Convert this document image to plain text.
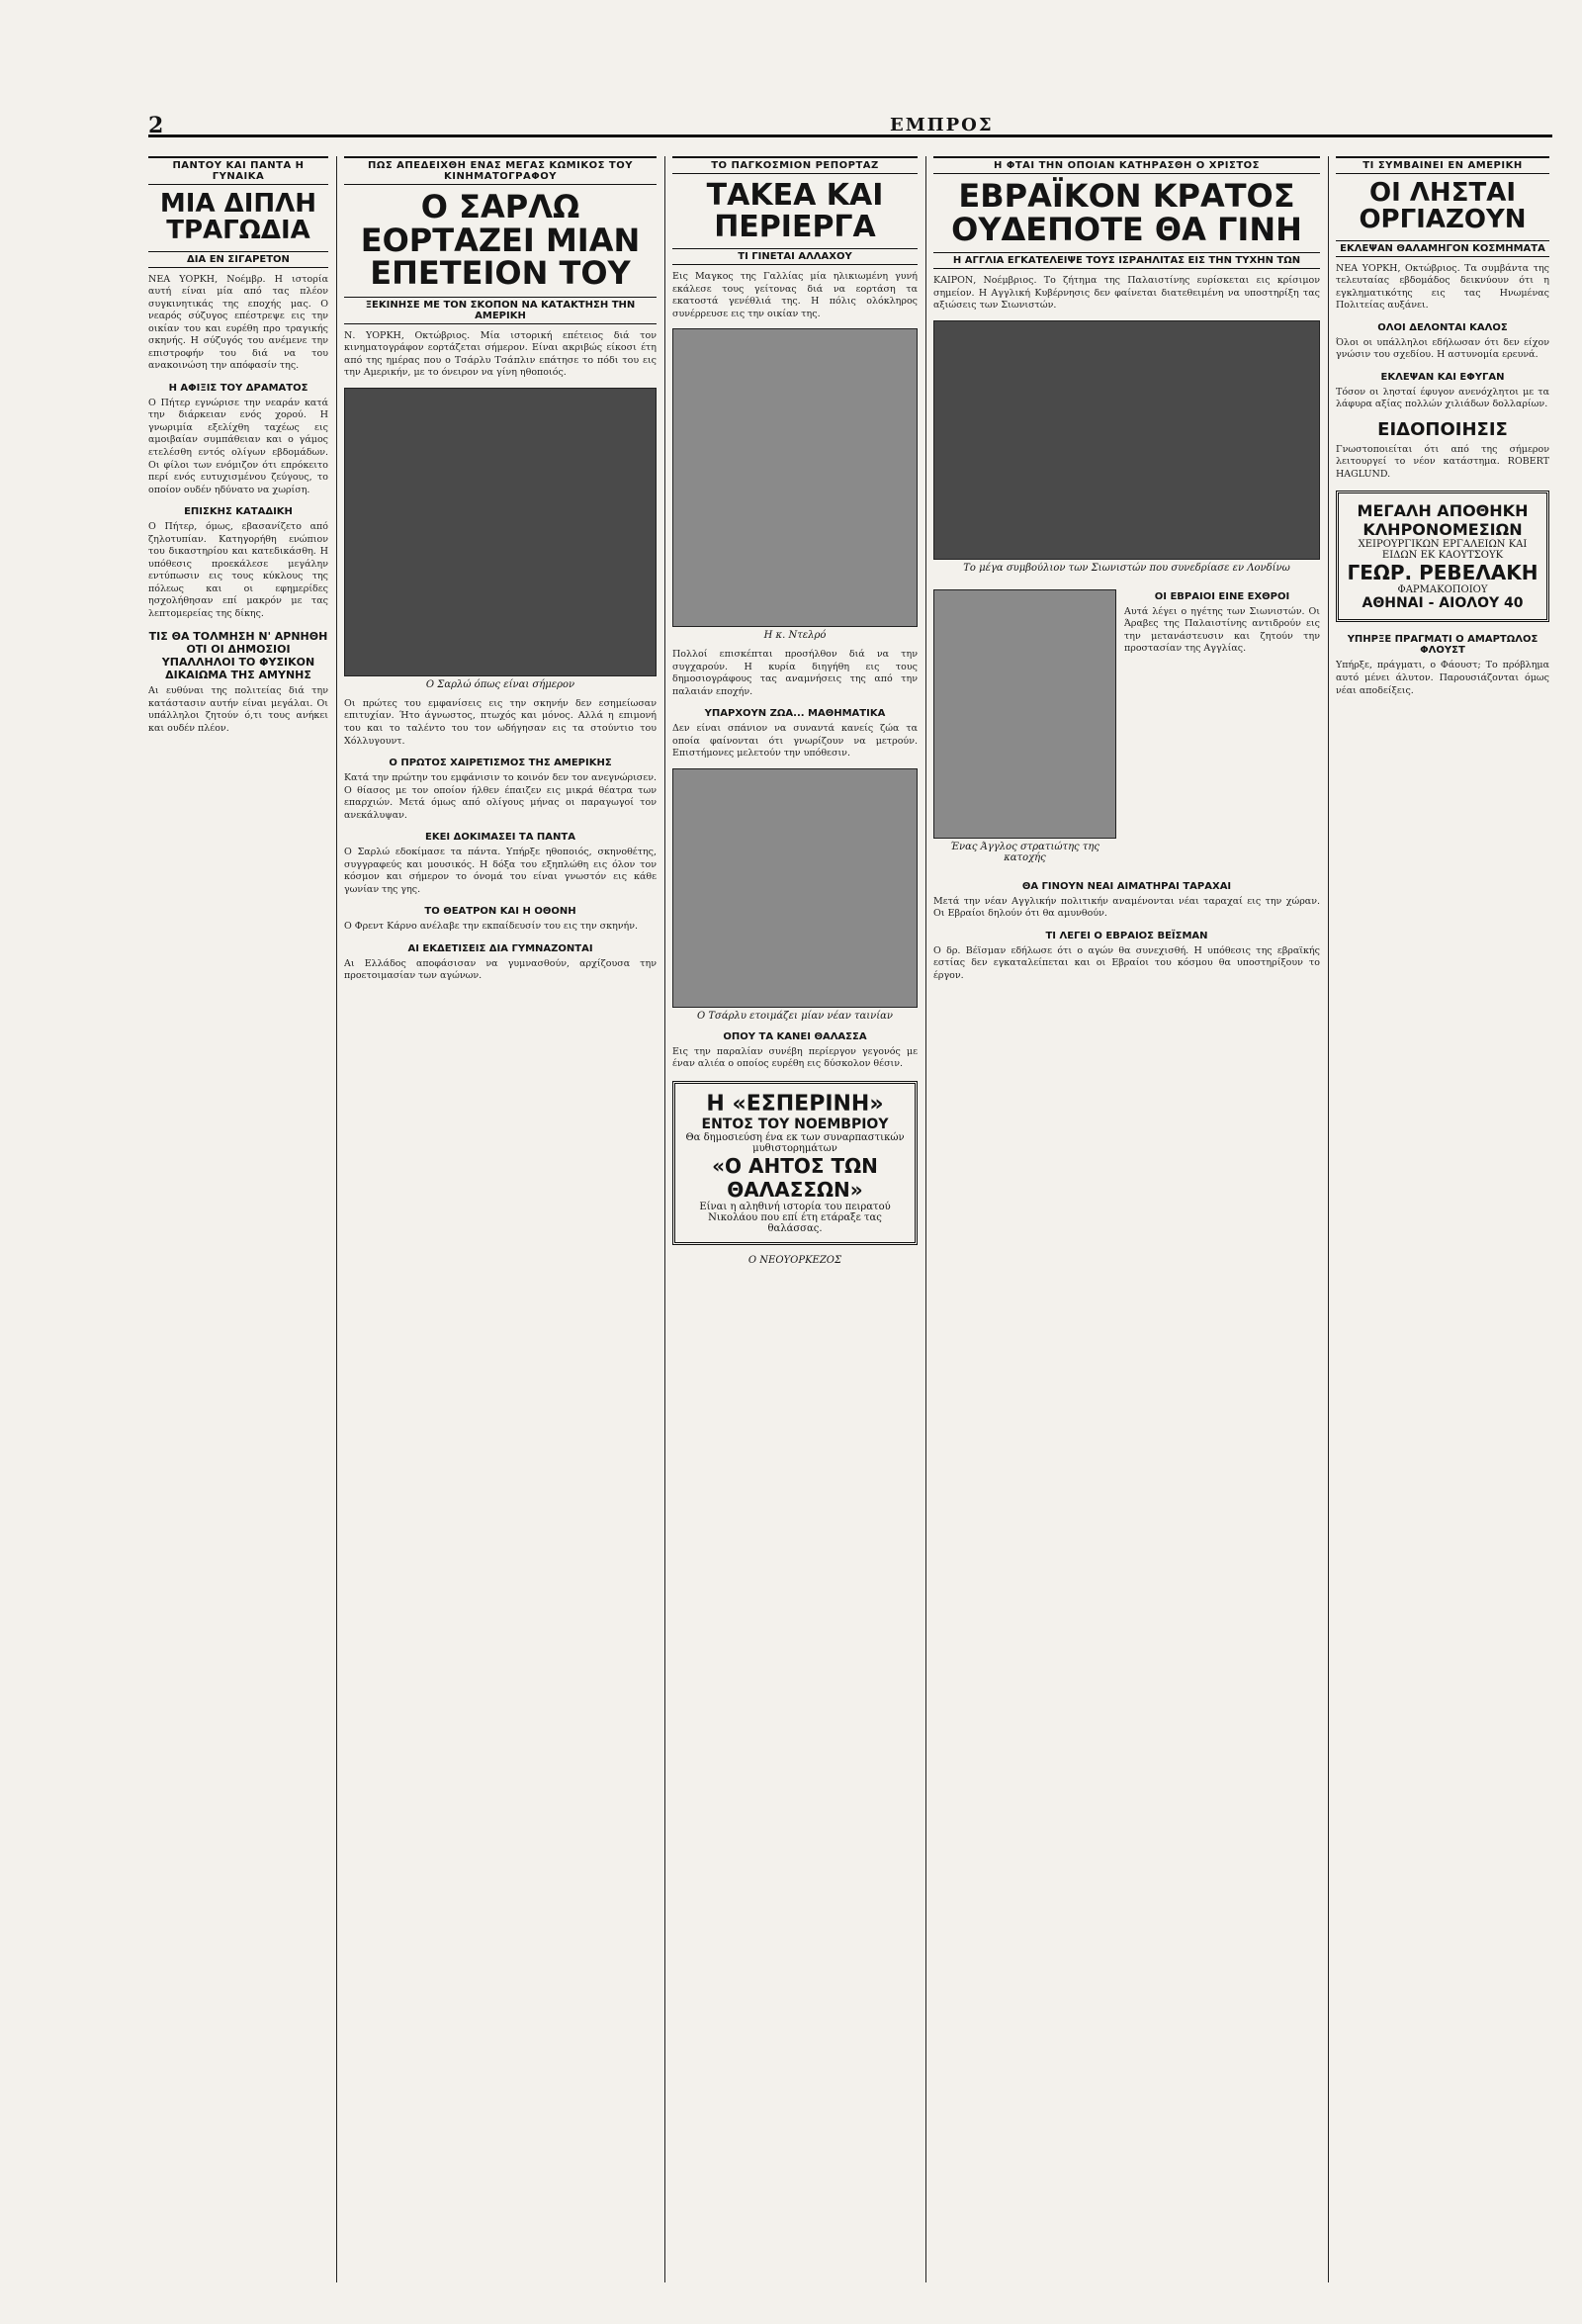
2	ΕΜΠΡΟΣ
ΠΑΝΤΟΥ ΚΑΙ ΠΑΝΤΑ Η ΓΥΝΑΙΚΑ
ΜΙΑ ΔΙΠΛΗ ΤΡΑΓΩΔΙΑ
ΔΙΑ ΕΝ ΣΙΓΑΡΕΤΟΝ
ΝΕΑ ΥΟΡΚΗ, Νοέμβρ. Η ιστορία αυτή είναι μία από τας πλέον συγκινητικάς της εποχής μας. Ο νεαρός σύζυγος επέστρεψε εις την οικίαν του και ευρέθη προ τραγικής σκηνής. Η σύζυγός του ανέμενε την επιστροφήν του διά να του ανακοινώση την απόφασίν της.
Η ΑΦΙΞΙΣ ΤΟΥ ΔΡΑΜΑΤΟΣ
Ο Πήτερ εγνώρισε την νεαράν κατά την διάρκειαν ενός χορού. Η γνωριμία εξελίχθη ταχέως εις αμοιβαίαν συμπάθειαν και ο γάμος ετελέσθη εντός ολίγων εβδομάδων. Οι φίλοι των ενόμιζον ότι επρόκειτο περί ενός ευτυχισμένου ζεύγους, το οποίον ουδέν ηδύνατο να χωρίση.
ΕΠΙΣΚΗΣ ΚΑΤΑΔΙΚΗ
Ο Πήτερ, όμως, εβασανίζετο από ζηλοτυπίαν. Κατηγορήθη ενώπιον του δικαστηρίου και κατεδικάσθη. Η υπόθεσις προεκάλεσε μεγάλην εντύπωσιν εις τους κύκλους της πόλεως και οι εφημερίδες ησχολήθησαν επί μακρόν με τας λεπτομερείας της δίκης.
ΤΙΣ ΘΑ ΤΟΛΜΗΣΗ Ν' ΑΡΝΗΘΗ ΟΤΙ ΟΙ ΔΗΜΟΣΙΟΙ ΥΠΑΛΛΗΛΟΙ ΤΟ ΦΥΣΙΚΟΝ ΔΙΚΑΙΩΜΑ ΤΗΣ ΑΜΥΝΗΣ
Αι ευθύναι της πολιτείας διά την κατάστασιν αυτήν είναι μεγάλαι. Οι υπάλληλοι ζητούν ό,τι τους ανήκει και ουδέν πλέον.
ΠΩΣ ΑΠΕΔΕΙΧΘΗ ΕΝΑΣ ΜΕΓΑΣ ΚΩΜΙΚΟΣ ΤΟΥ ΚΙΝΗΜΑΤΟΓΡΑΦΟΥ
Ο ΣΑΡΛΩ ΕΟΡΤΑΖΕΙ ΜΙΑΝ ΕΠΕΤΕΙΟΝ ΤΟΥ
ΞΕΚΙΝΗΣΕ ΜΕ ΤΟΝ ΣΚΟΠΟΝ ΝΑ ΚΑΤΑΚΤΗΣΗ ΤΗΝ ΑΜΕΡΙΚΗ
Ν. ΥΟΡΚΗ, Οκτώβριος. Μία ιστορική επέτειος διά τον κινηματογράφον εορτάζεται σήμερον. Είναι ακριβώς είκοσι έτη από της ημέρας που ο Τσάρλυ Τσάπλιν επάτησε το πόδι του εις την Αμερικήν, με το όνειρον να γίνη ηθοποιός.
Ο Σαρλώ όπως είναι σήμερον
Οι πρώτες του εμφανίσεις εις την σκηνήν δεν εσημείωσαν επιτυχίαν. Ήτο άγνωστος, πτωχός και μόνος. Αλλά η επιμονή του και το ταλέντο του τον ωδήγησαν εις τα στούντιο του Χόλλυγουντ.
Ο ΠΡΩΤΟΣ ΧΑΙΡΕΤΙΣΜΟΣ ΤΗΣ ΑΜΕΡΙΚΗΣ
Κατά την πρώτην του εμφάνισιν το κοινόν δεν τον ανεγνώρισεν. Ο θίασος με τον οποίον ήλθεν έπαιζεν εις μικρά θέατρα των επαρχιών. Μετά όμως από ολίγους μήνας οι παραγωγοί τον ανεκάλυψαν.
ΕΚΕΙ ΔΟΚΙΜΑΣΕΙ ΤΑ ΠΑΝΤΑ
Ο Σαρλώ εδοκίμασε τα πάντα. Υπήρξε ηθοποιός, σκηνοθέτης, συγγραφεύς και μουσικός. Η δόξα του εξηπλώθη εις όλον τον κόσμον και σήμερον το όνομά του είναι γνωστόν εις κάθε γωνίαν της γης.
ΤΟ ΘΕΑΤΡΟΝ ΚΑΙ Η ΟΘΟΝΗ
Ο Φρεντ Κάρνο ανέλαβε την εκπαίδευσίν του εις την σκηνήν.
ΑΙ ΕΚΔΕΤΙΣΕΙΣ ΔΙΑ ΓΥΜΝΑΖΟΝΤΑΙ
Αι Ελλάδος αποφάσισαν να γυμνασθούν, αρχίζουσα την προετοιμασίαν των αγώνων.
ΤΟ ΠΑΓΚΟΣΜΙΟΝ ΡΕΠΟΡΤΑΖ
ΤΑΚΕΑ ΚΑΙ ΠΕΡΙΕΡΓΑ
ΤΙ ΓΙΝΕΤΑΙ ΑΛΛΑΧΟΥ
Εις Μαγκος της Γαλλίας μία ηλικιωμένη γυνή εκάλεσε τους γείτονας διά να εορτάση τα εκατοστά γενέθλιά της. Η πόλις ολόκληρος συνέρρευσε εις την οικίαν της.
Η κ. Ντελρό
Πολλοί επισκέπται προσήλθον διά να την συγχαρούν. Η κυρία διηγήθη εις τους δημοσιογράφους τας αναμνήσεις της από την παλαιάν εποχήν.
ΥΠΑΡΧΟΥΝ ΖΩΑ... ΜΑΘΗΜΑΤΙΚΑ
Δεν είναι σπάνιον να συναντά κανείς ζώα τα οποία φαίνονται ότι γνωρίζουν να μετρούν. Επιστήμονες μελετούν την υπόθεσιν.
Ο Τσάρλυ ετοιμάζει μίαν νέαν ταινίαν
ΟΠΟΥ ΤΑ ΚΑΝΕΙ ΘΑΛΑΣΣΑ
Εις την παραλίαν συνέβη περίεργον γεγονός με έναν αλιέα ο οποίος ευρέθη εις δύσκολον θέσιν.
Η «ΕΣΠΕΡΙΝΗ»
ΕΝΤΟΣ ΤΟΥ ΝΟΕΜΒΡΙΟΥ
Θα δημοσιεύση ένα εκ των συναρπαστικών μυθιστορημάτων
«Ο ΑΗΤΟΣ ΤΩΝ ΘΑΛΑΣΣΩΝ»
Είναι η αληθινή ιστορία του πειρατού Νικολάου που επί έτη ετάραξε τας θαλάσσας.
Ο ΝΕΟΥΟΡΚΕΖΟΣ
Η ΦΤΑΙ ΤΗΝ ΟΠΟΙΑΝ ΚΑΤΗΡΑΣΘΗ Ο ΧΡΙΣΤΟΣ
ΕΒΡΑΪΚΟΝ ΚΡΑΤΟΣ ΟΥΔΕΠΟΤΕ ΘΑ ΓΙΝΗ
Η ΑΓΓΛΙΑ ΕΓΚΑΤΕΛΕΙΨΕ ΤΟΥΣ ΙΣΡΑΗΛΙΤΑΣ ΕΙΣ ΤΗΝ ΤΥΧΗΝ ΤΩΝ
ΚΑΙΡΟΝ, Νοέμβριος. Το ζήτημα της Παλαιστίνης ευρίσκεται εις κρίσιμον σημείον. Η Αγγλική Κυβέρνησις δεν φαίνεται διατεθειμένη να υποστηρίξη τας αξιώσεις των Σιωνιστών.
Το μέγα συμβούλιον των Σιωνιστών που συνεδρίασε εν Λονδίνω
Ένας Άγγλος στρατιώτης της κατοχής
ΟΙ ΕΒΡΑΙΟΙ ΕΙΝΕ ΕΧΘΡΟΙ
Αυτά λέγει ο ηγέτης των Σιωνιστών. Οι Άραβες της Παλαιστίνης αντιδρούν εις την μετανάστευσιν και ζητούν την προστασίαν της Αγγλίας.
ΘΑ ΓΙΝΟΥΝ ΝΕΑΙ ΑΙΜΑΤΗΡΑΙ ΤΑΡΑΧΑΙ
Μετά την νέαν Αγγλικήν πολιτικήν αναμένονται νέαι ταραχαί εις την χώραν. Οι Εβραίοι δηλούν ότι θα αμυνθούν.
ΤΙ ΛΕΓΕΙ Ο ΕΒΡΑΙΟΣ ΒΕΪΣΜΑΝ
Ο δρ. Βέϊσμαν εδήλωσε ότι ο αγών θα συνεχισθή. Η υπόθεσις της εβραϊκής εστίας δεν εγκαταλείπεται και οι Εβραίοι του κόσμου θα υποστηρίξουν το έργον.
ΤΙ ΣΥΜΒΑΙΝΕΙ ΕΝ ΑΜΕΡΙΚΗ
ΟΙ ΛΗΣΤΑΙ ΟΡΓΙΑΖΟΥΝ
ΕΚΛΕΨΑΝ ΘΑΛΑΜΗΓΟΝ ΚΟΣΜΗΜΑΤΑ
ΝΕΑ ΥΟΡΚΗ, Οκτώβριος. Τα συμβάντα της τελευταίας εβδομάδος δεικνύουν ότι η εγκληματικότης εις τας Ηνωμένας Πολιτείας αυξάνει.
ΟΛΟΙ ΔΕΛΟΝΤΑΙ ΚΑΛΟΣ
Όλοι οι υπάλληλοι εδήλωσαν ότι δεν είχον γνώσιν του σχεδίου. Η αστυνομία ερευνά.
ΕΚΛΕΨΑΝ ΚΑΙ ΕΦΥΓΑΝ
Τόσον οι λησταί έφυγον ανενόχλητοι με τα λάφυρα αξίας πολλών χιλιάδων δολλαρίων.
ΕΙΔΟΠΟΙΗΣΙΣ
Γνωστοποιείται ότι από της σήμερον λειτουργεί το νέον κατάστημα. ROBERT HAGLUND.
ΜΕΓΑΛΗ ΑΠΟΘΗΚΗ ΚΛΗΡΟΝΟΜΕΣΙΩΝ
ΧΕΙΡΟΥΡΓΙΚΩΝ ΕΡΓΑΛΕΙΩΝ ΚΑΙ ΕΙΔΩΝ ΕΚ ΚΑΟΥΤΣΟΥΚ
ΓΕΩΡ. ΡΕΒΕΛΑΚΗ
ΦΑΡΜΑΚΟΠΟΙΟΥ
ΑΘΗΝΑΙ - ΑΙΟΛΟΥ 40
ΥΠΗΡΞΕ ΠΡΑΓΜΑΤΙ Ο ΑΜΑΡΤΩΛΟΣ ΦΛΟΥΣΤ
Υπήρξε, πράγματι, ο Φάουστ; Το πρόβλημα αυτό μένει άλυτον. Παρουσιάζονται όμως νέαι αποδείξεις.
